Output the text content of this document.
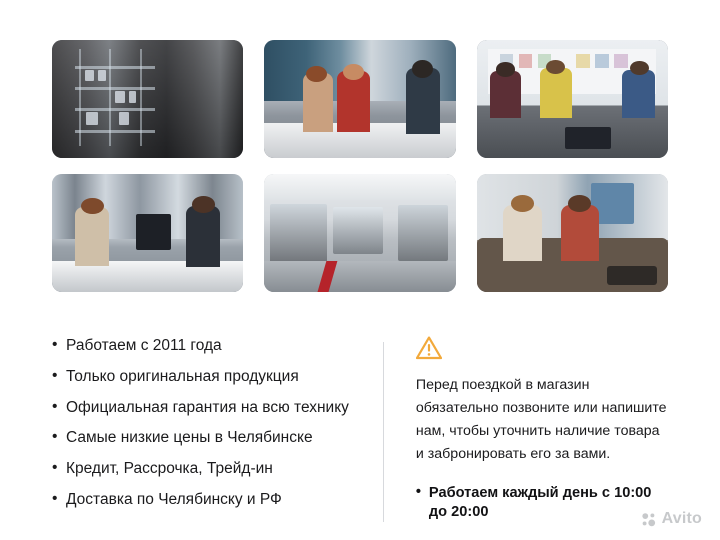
• Работаем с 2011 года
• Только оригинальная продукция
• Официальная гарантия на всю технику
• Самые низкие цены в Челябинске
• Кредит, Рассрочка, Трейд-ин
• Доставка по Челябинску и РФ

Перед поездкой в магазин обязательно позвоните или напишите нам, чтобы уточнить наличие товара и забронировать его за вами.

• Работаем каждый день с 10:00 до 20:00	Avito
